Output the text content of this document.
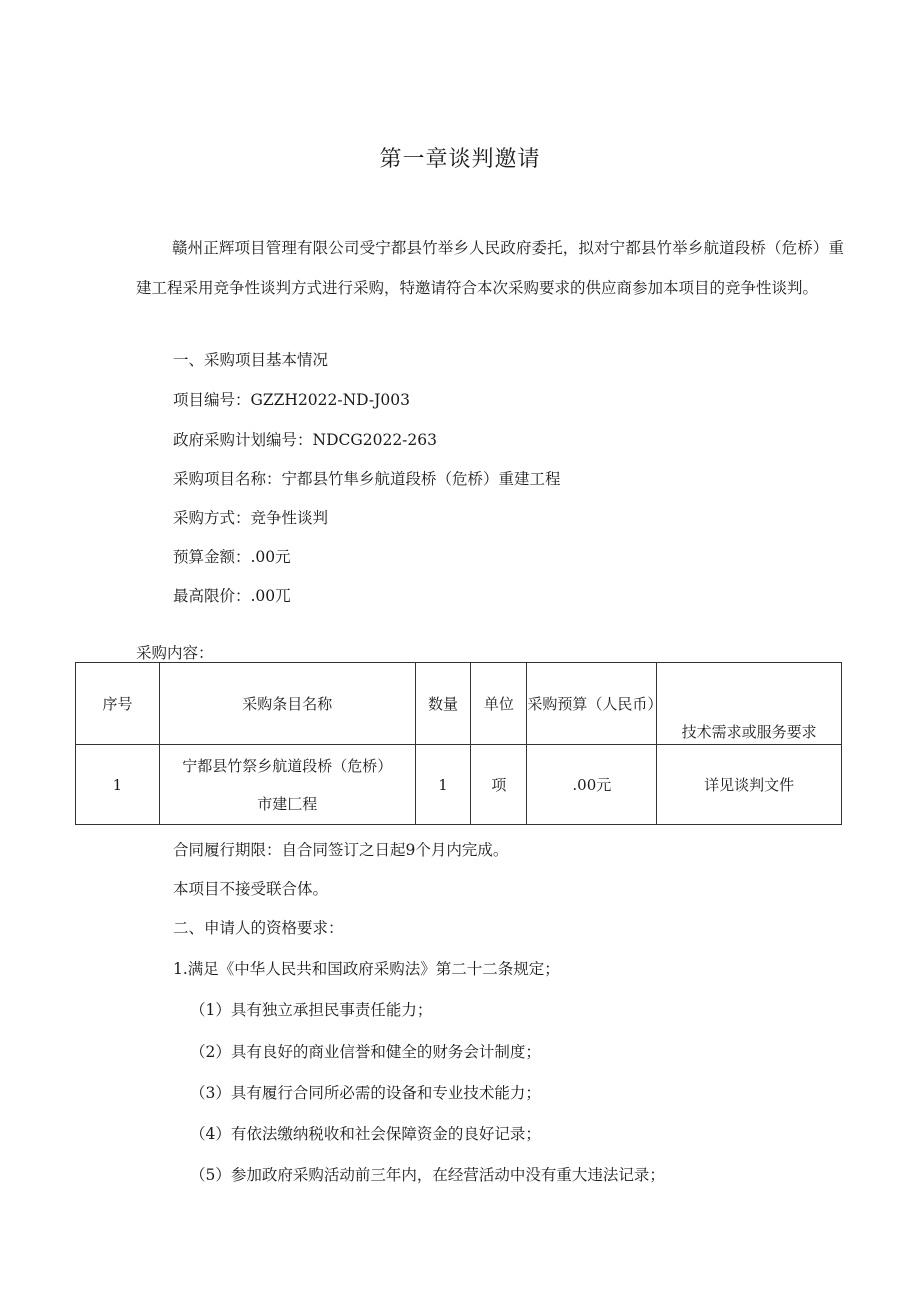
第一章谈判邀请

赣州正辉项目管理有限公司受宁都县竹举乡人民政府委托，拟对宁都县竹举乡航道段桥（危桥）重建工程采用竞争性谈判方式进行采购，特邀请符合本次采购要求的供应商参加本项目的竞争性谈判。

一、采购项目基本情况

项目编号：GZZH2022-ND-J003

政府采购计划编号：NDCG2022-263

采购项目名称：宁都县竹隼乡航道段桥（危桥）重建工程

采购方式：竞争性谈判

预算金额：.00元

最高限价：.00兀

采购内容：

序号	采购条目名称	数量	单位	采购预算（人民币）	技术需求或服务要求
1	宁都县竹祭乡航道段桥（危桥）
市建匚程	1	项	.00元	详见谈判文件

合同履行期限：自合同签订之日起9个月内完成。

本项目不接受联合体。

二、申请人的资格要求：

1.满足《中华人民共和国政府采购法》第二十二条规定；

（1）具有独立承担民事责任能力；

（2）具有良好的商业信誉和健全的财务会计制度；

（3）具有履行合同所必需的设备和专业技术能力；

（4）有依法缴纳税收和社会保障资金的良好记录；

（5）参加政府采购活动前三年内，在经营活动中没有重大违法记录；
